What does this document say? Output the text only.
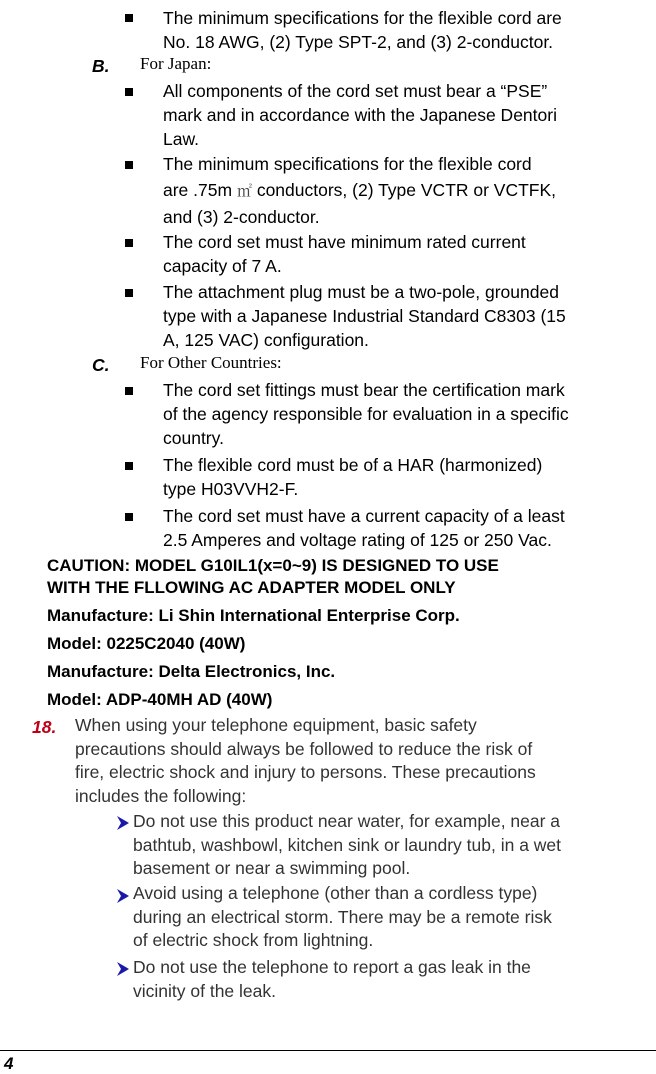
The minimum specifications for the flexible cord are
No. 18 AWG, (2) Type SPT-2, and (3) 2-conductor.
B. For Japan:
All components of the cord set must bear a “PSE”
mark and in accordance with the Japanese Dentori
Law.
The minimum specifications for the flexible cord
are .75m ㎡ conductors, (2) Type VCTR or VCTFK,
and (3) 2-conductor.
The cord set must have minimum rated current
capacity of 7 A.
The attachment plug must be a two-pole, grounded
type with a Japanese Industrial Standard C8303 (15
A, 125 VAC) configuration.
C. For Other Countries:
The cord set fittings must bear the certification mark
of the agency responsible for evaluation in a specific
country.
The flexible cord must be of a HAR (harmonized)
type H03VVH2-F.
The cord set must have a current capacity of a least
2.5 Amperes and voltage rating of 125 or 250 Vac.
CAUTION: MODEL G10IL1(x=0~9) IS DESIGNED TO USE
WITH THE FLLOWING AC ADAPTER MODEL ONLY
Manufacture: Li Shin International Enterprise Corp.
Model: 0225C2040 (40W)
Manufacture: Delta Electronics, Inc.
Model: ADP-40MH AD (40W)
18. When using your telephone equipment, basic safety
precautions should always be followed to reduce the risk of
fire, electric shock and injury to persons. These precautions
includes the following:
Do not use this product near water, for example, near a
bathtub, washbowl, kitchen sink or laundry tub, in a wet
basement or near a swimming pool.
Avoid using a telephone (other than a cordless type)
during an electrical storm. There may be a remote risk
of electric shock from lightning.
Do not use the telephone to report a gas leak in the
vicinity of the leak.
4
